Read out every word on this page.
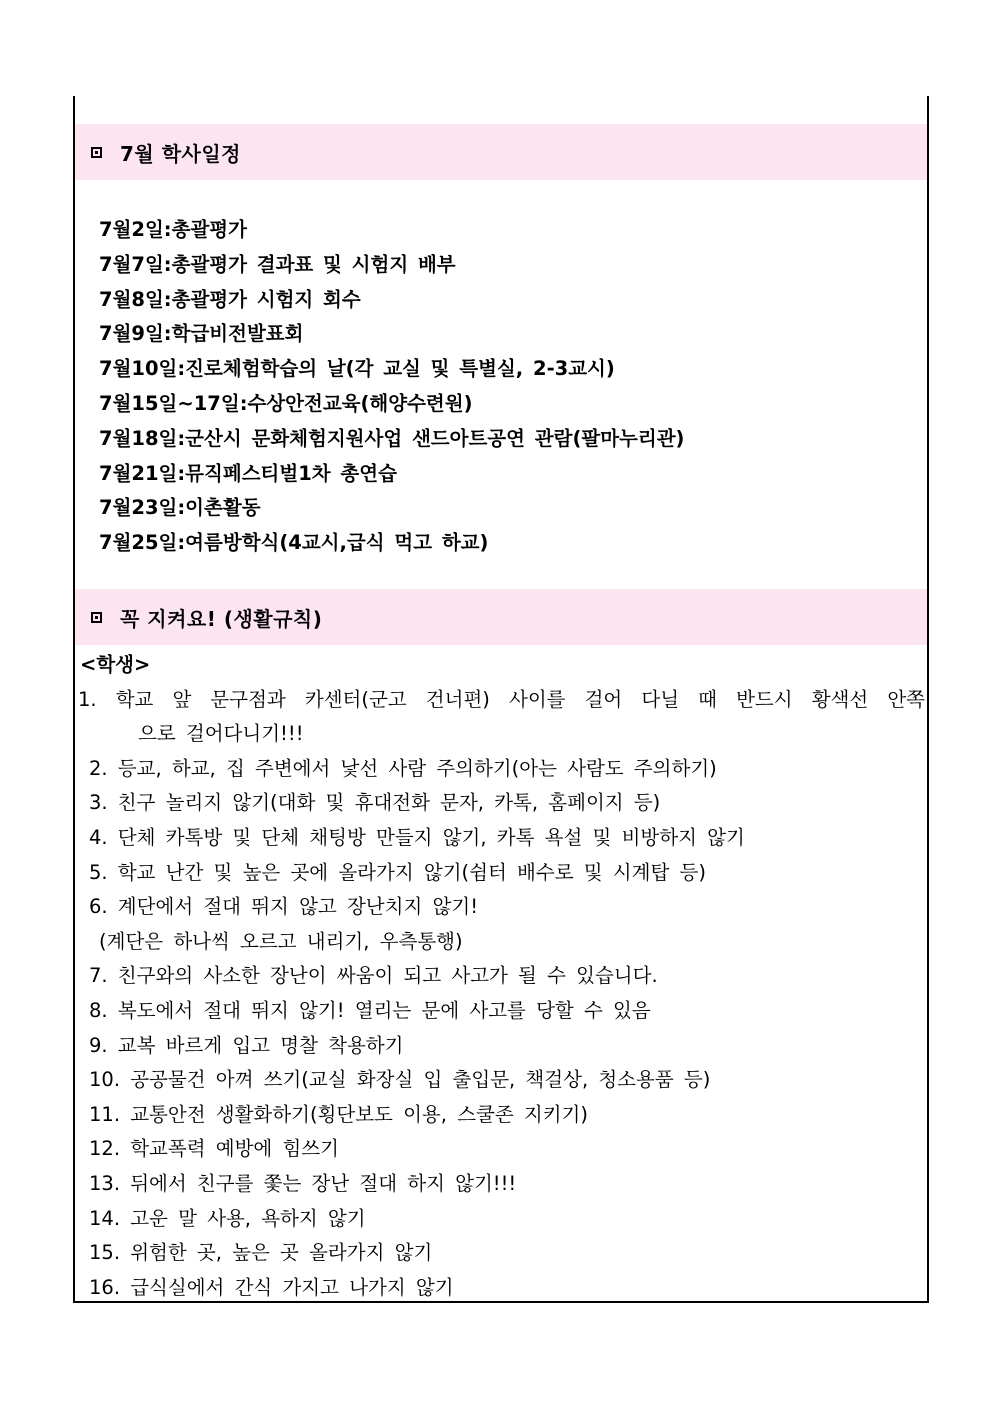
7월 학사일정
7월2일:총괄평가
7월7일:총괄평가 결과표 및 시험지 배부
7월8일:총괄평가 시험지 회수
7월9일:학급비전발표회
7월10일:진로체험학습의 날(각 교실 및 특별실, 2-3교시)
7월15일~17일:수상안전교육(해양수련원)
7월18일:군산시 문화체험지원사업 샌드아트공연 관람(팔마누리관)
7월21일:뮤직페스티벌1차 총연습
7월23일:이촌활동
7월25일:여름방학식(4교시,급식 먹고 하교)
꼭 지켜요! (생활규칙)
<학생>
1. 학교 앞 문구점과 카센터(군고 건너편) 사이를 걸어 다닐 때 반드시 황색선 안쪽
으로 걸어다니기!!!
2. 등교, 하교, 집 주변에서 낯선 사람 주의하기(아는 사람도 주의하기)
3. 친구 놀리지 않기(대화 및 휴대전화 문자, 카톡, 홈페이지 등)
4. 단체 카톡방 및 단체 채팅방 만들지 않기, 카톡 욕설 및 비방하지 않기
5. 학교 난간 및 높은 곳에 올라가지 않기(쉼터 배수로 및 시계탑 등)
6. 계단에서 절대 뛰지 않고 장난치지 않기!
(계단은 하나씩 오르고 내리기, 우측통행)
7. 친구와의 사소한 장난이 싸움이 되고 사고가 될 수 있습니다.
8. 복도에서 절대 뛰지 않기! 열리는 문에 사고를 당할 수 있음
9. 교복 바르게 입고 명찰 착용하기
10. 공공물건 아껴 쓰기(교실 화장실 입 출입문, 책걸상, 청소용품 등)
11. 교통안전 생활화하기(횡단보도 이용, 스쿨존 지키기)
12. 학교폭력 예방에 힘쓰기
13. 뒤에서 친구를 쫓는 장난 절대 하지 않기!!!
14. 고운 말 사용, 욕하지 않기
15. 위험한 곳, 높은 곳 올라가지 않기
16. 급식실에서 간식 가지고 나가지 않기
